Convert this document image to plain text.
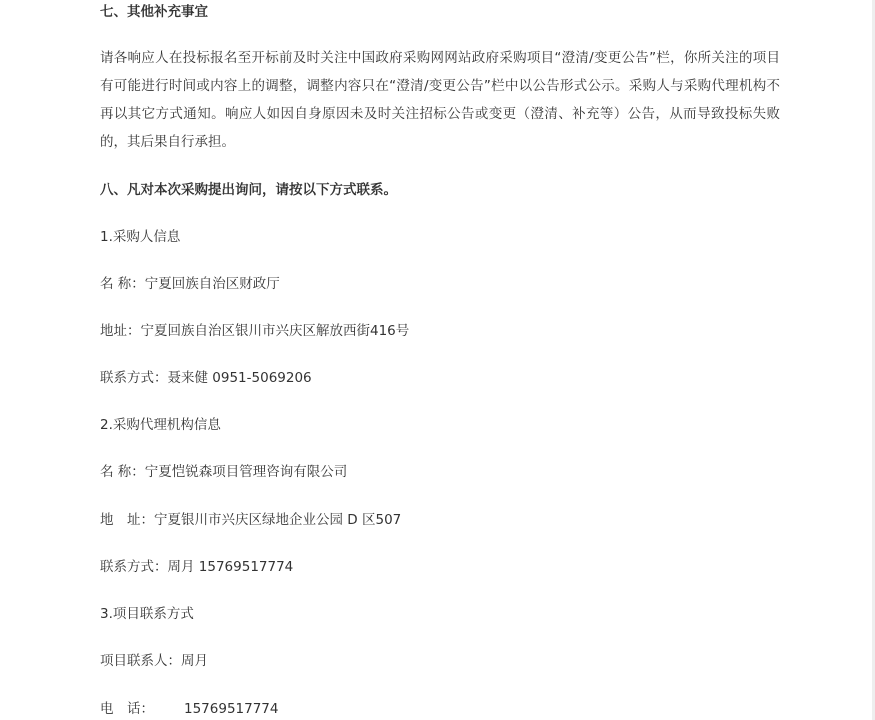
七、其他补充事宜
请各响应人在投标报名至开标前及时关注中国政府采购网网站政府采购项目“澄清/变更公告”栏，你所关注的项目有可能进行时间或内容上的调整，调整内容只在“澄清/变更公告”栏中以公告形式公示。采购人与采购代理机构不再以其它方式通知。响应人如因自身原因未及时关注招标公告或变更（澄清、补充等）公告，从而导致投标失败的，其后果自行承担。
八、凡对本次采购提出询问，请按以下方式联系。
1.采购人信息
名 称：宁夏回族自治区财政厅
地址：宁夏回族自治区银川市兴庆区解放西街416号
联系方式：聂来健 0951-5069206
2.采购代理机构信息
名 称：宁夏恺锐森项目管理咨询有限公司
地　址：宁夏银川市兴庆区绿地企业公园 D 区507
联系方式：周月 15769517774
3.项目联系方式
项目联系人：周月
电　话： 15769517774
